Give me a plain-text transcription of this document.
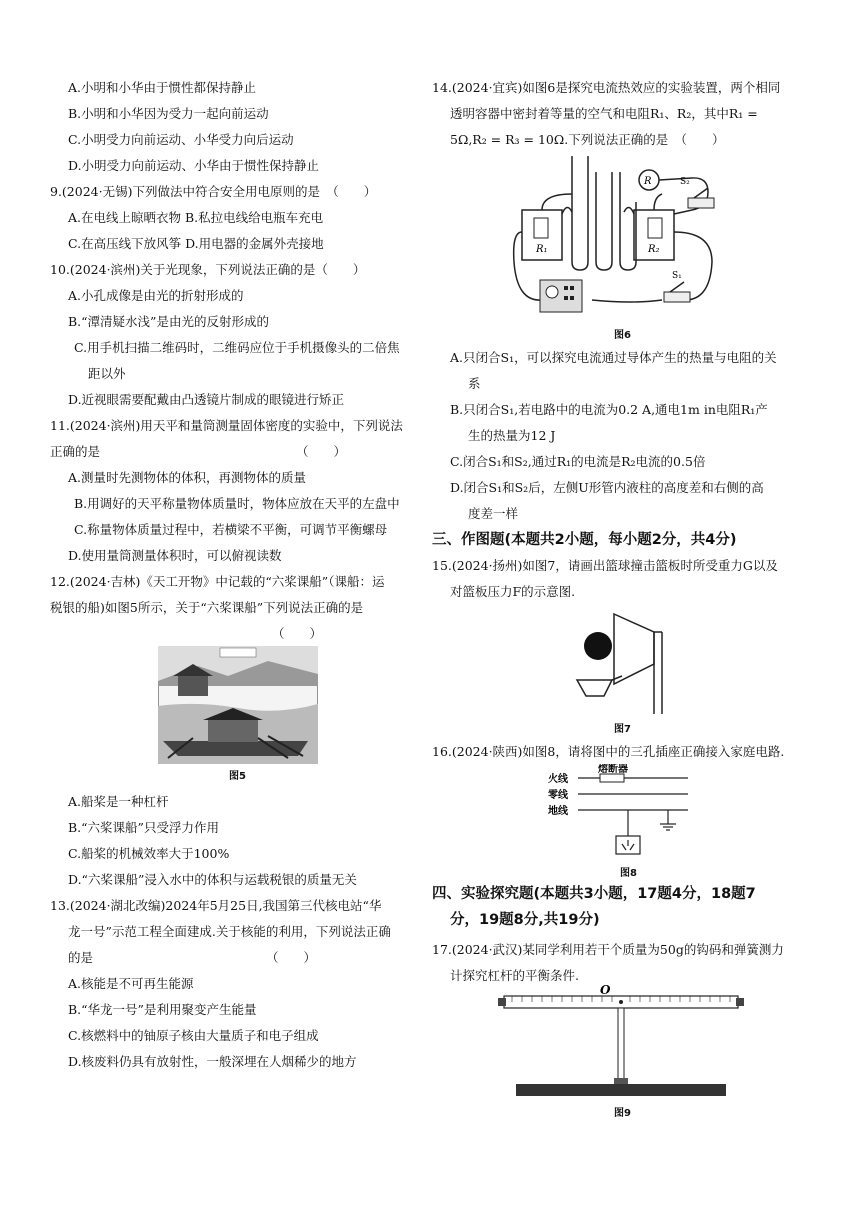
A.小明和小华由于惯性都保持静止
B.小明和小华因为受力一起向前运动
C.小明受力向前运动、小华受力向后运动
D.小明受力向前运动、小华由于惯性保持静止
9.(2024·无锡)下列做法中符合安全用电原则的是　（　　）
A.在电线上晾晒衣物 B.私拉电线给电瓶车充电
C.在高压线下放风筝 D.用电器的金属外壳接地
10.(2024·滨州)关于光现象，下列说法正确的是（　　）
A.小孔成像是由光的折射形成的
B.“潭清疑水浅”是由光的反射形成的
C.用手机扫描二维码时，二维码应位于手机摄像头的二倍焦
距以外
D.近视眼需要配戴由凸透镜片制成的眼镜进行矫正
11.(2024·滨州)用天平和量筒测量固体密度的实验中，下列说法
正确的是	（　　）
A.测量时先测物体的体积，再测物体的质量
B.用调好的天平称量物体质量时，物体应放在天平的左盘中
C.称量物体质量过程中，若横梁不平衡，可调节平衡螺母
D.使用量筒测量体积时，可以俯视读数
12.(2024·吉林)《天工开物》中记载的“六桨课船”（课船：运
税银的船)如图5所示，关于“六桨课船”下列说法正确的是
（　　）
图5
A.船桨是一种杠杆
B.“六桨课船”只受浮力作用
C.船桨的机械效率大于100%
D.“六桨课船”浸入水中的体积与运载税银的质量无关
13.(2024·湖北改编)2024年5月25日,我国第三代核电站“华
龙一号”示范工程全面建成.关于核能的利用，下列说法正确
的是	（　　）
A.核能是不可再生能源
B.“华龙一号”是利用聚变产生能量
C.核燃料中的铀原子核由大量质子和电子组成
D.核废料仍具有放射性，一般深埋在人烟稀少的地方
14.(2024·宜宾)如图6是探究电流热效应的实验装置，两个相同
透明容器中密封着等量的空气和电阻R₁、R₂，其中R₁ =
5Ω,R₂ = R₃ = 10Ω.下列说法正确的是　（　　）
R₁	R₂
R
S₁
S₂
图6
A.只闭合S₁，可以探究电流通过导体产生的热量与电阻的关
系
B.只闭合S₁,若电路中的电流为0.2 A,通电1m in电阻R₁产
生的热量为12 J
C.闭合S₁和S₂,通过R₁的电流是R₂电流的0.5倍
D.闭合S₁和S₂后，左侧U形管内液柱的高度差和右侧的高
度差一样
三、作图题(本题共2小题，每小题2分，共4分)
15.(2024·扬州)如图7，请画出篮球撞击篮板时所受重力G以及
对篮板压力F的示意图.
图7
16.(2024·陕西)如图8，请将图中的三孔插座正确接入家庭电路.
熔断器
火线
零线
地线
图8
四、实验探究题(本题共3小题，17题4分，18题7
分，19题8分,共19分)
17.(2024·武汉)某同学利用若干个质量为50g的钩码和弹簧测力
计探究杠杆的平衡条件.
O
图9
